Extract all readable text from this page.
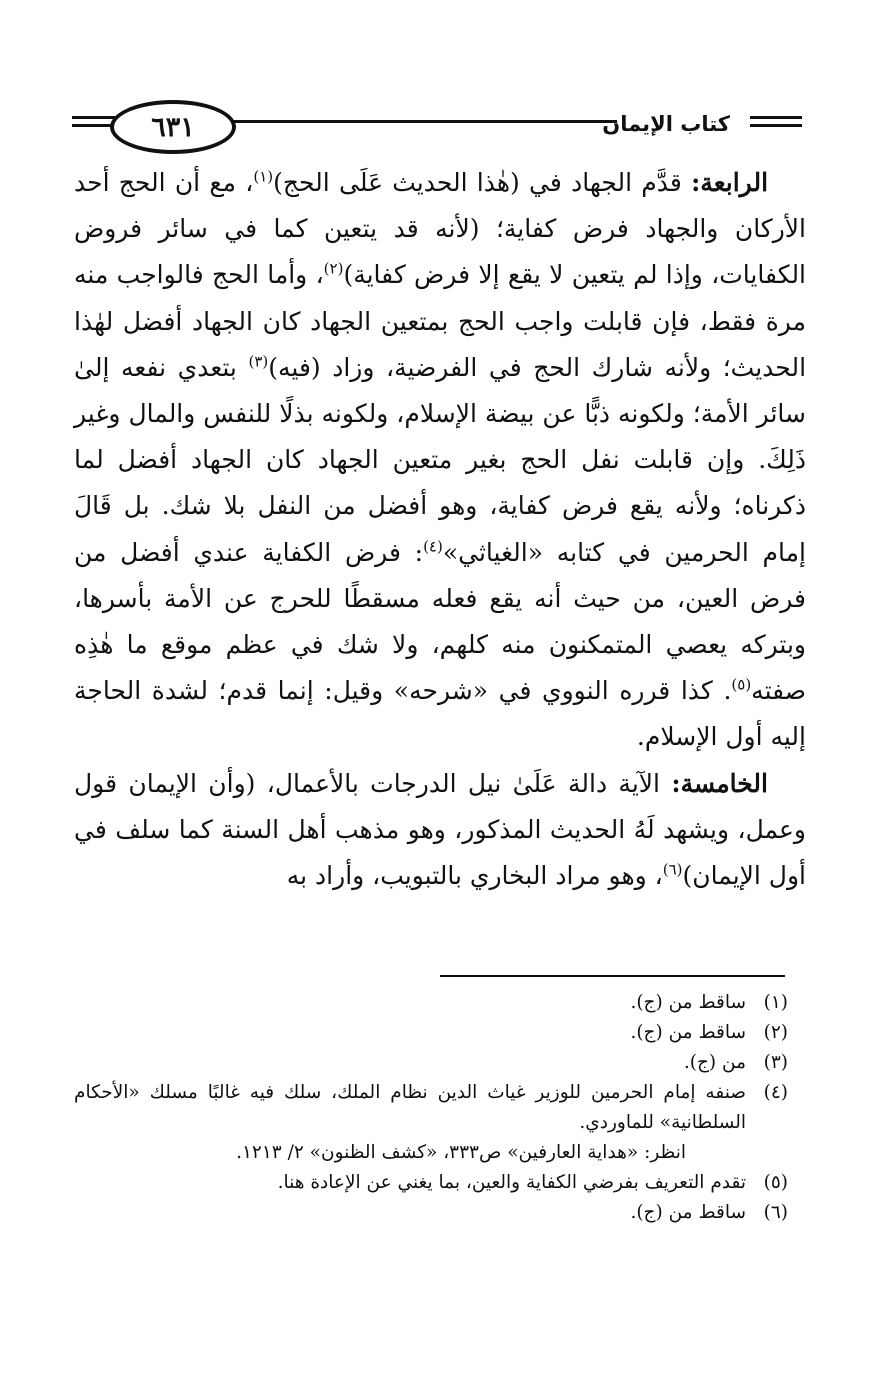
٦٣١	كتاب الإيمان

الرابعة: قدَّم الجهاد في (هٰذا الحديث عَلَى الحج)$^{(١)}$، مع أن الحج أحد الأركان والجهاد فرض كفاية؛ (لأنه قد يتعين كما في سائر فروض الكفايات، وإذا لم يتعين لا يقع إلا فرض كفاية)$^{(٢)}$، وأما الحج فالواجب منه مرة فقط، فإن قابلت واجب الحج بمتعين الجهاد كان الجهاد أفضل لهٰذا الحديث؛ ولأنه شارك الحج في الفرضية، وزاد (فيه)$^{(٣)}$ بتعدي نفعه إلىٰ سائر الأمة؛ ولكونه ذبًّا عن بيضة الإسلام، ولكونه بذلًا للنفس والمال وغير ذَلِكَ. وإن قابلت نفل الحج بغير متعين الجهاد كان الجهاد أفضل لما ذكرناه؛ ولأنه يقع فرض كفاية، وهو أفضل من النفل بلا شك. بل قَالَ إمام الحرمين في كتابه «الغياثي»$^{(٤)}$: فرض الكفاية عندي أفضل من فرض العين، من حيث أنه يقع فعله مسقطًا للحرج عن الأمة بأسرها، وبتركه يعصي المتمكنون منه كلهم، ولا شك في عظم موقع ما هٰذِه صفته$^{(٥)}$. كذا قرره النووي في «شرحه» وقيل: إنما قدم؛ لشدة الحاجة إليه أول الإسلام.

الخامسة: الآية دالة عَلَىٰ نيل الدرجات بالأعمال، (وأن الإيمان قول وعمل، ويشهد لَهُ الحديث المذكور، وهو مذهب أهل السنة كما سلف في أول الإيمان)$^{(٦)}$، وهو مراد البخاري بالتبويب، وأراد به

(١)
ساقط من (ج).
(٢)
ساقط من (ج).
(٣)
من (ج).
(٤)
صنفه إمام الحرمين للوزير غياث الدين نظام الملك، سلك فيه غالبًا مسلك «الأحكام السلطانية» للماوردي.
انظر: «هداية العارفين» ص٣٣٣، «كشف الظنون» ٢/ ١٢١٣.
(٥)
تقدم التعريف بفرضي الكفاية والعين، بما يغني عن الإعادة هنا.
(٦)
ساقط من (ج).
